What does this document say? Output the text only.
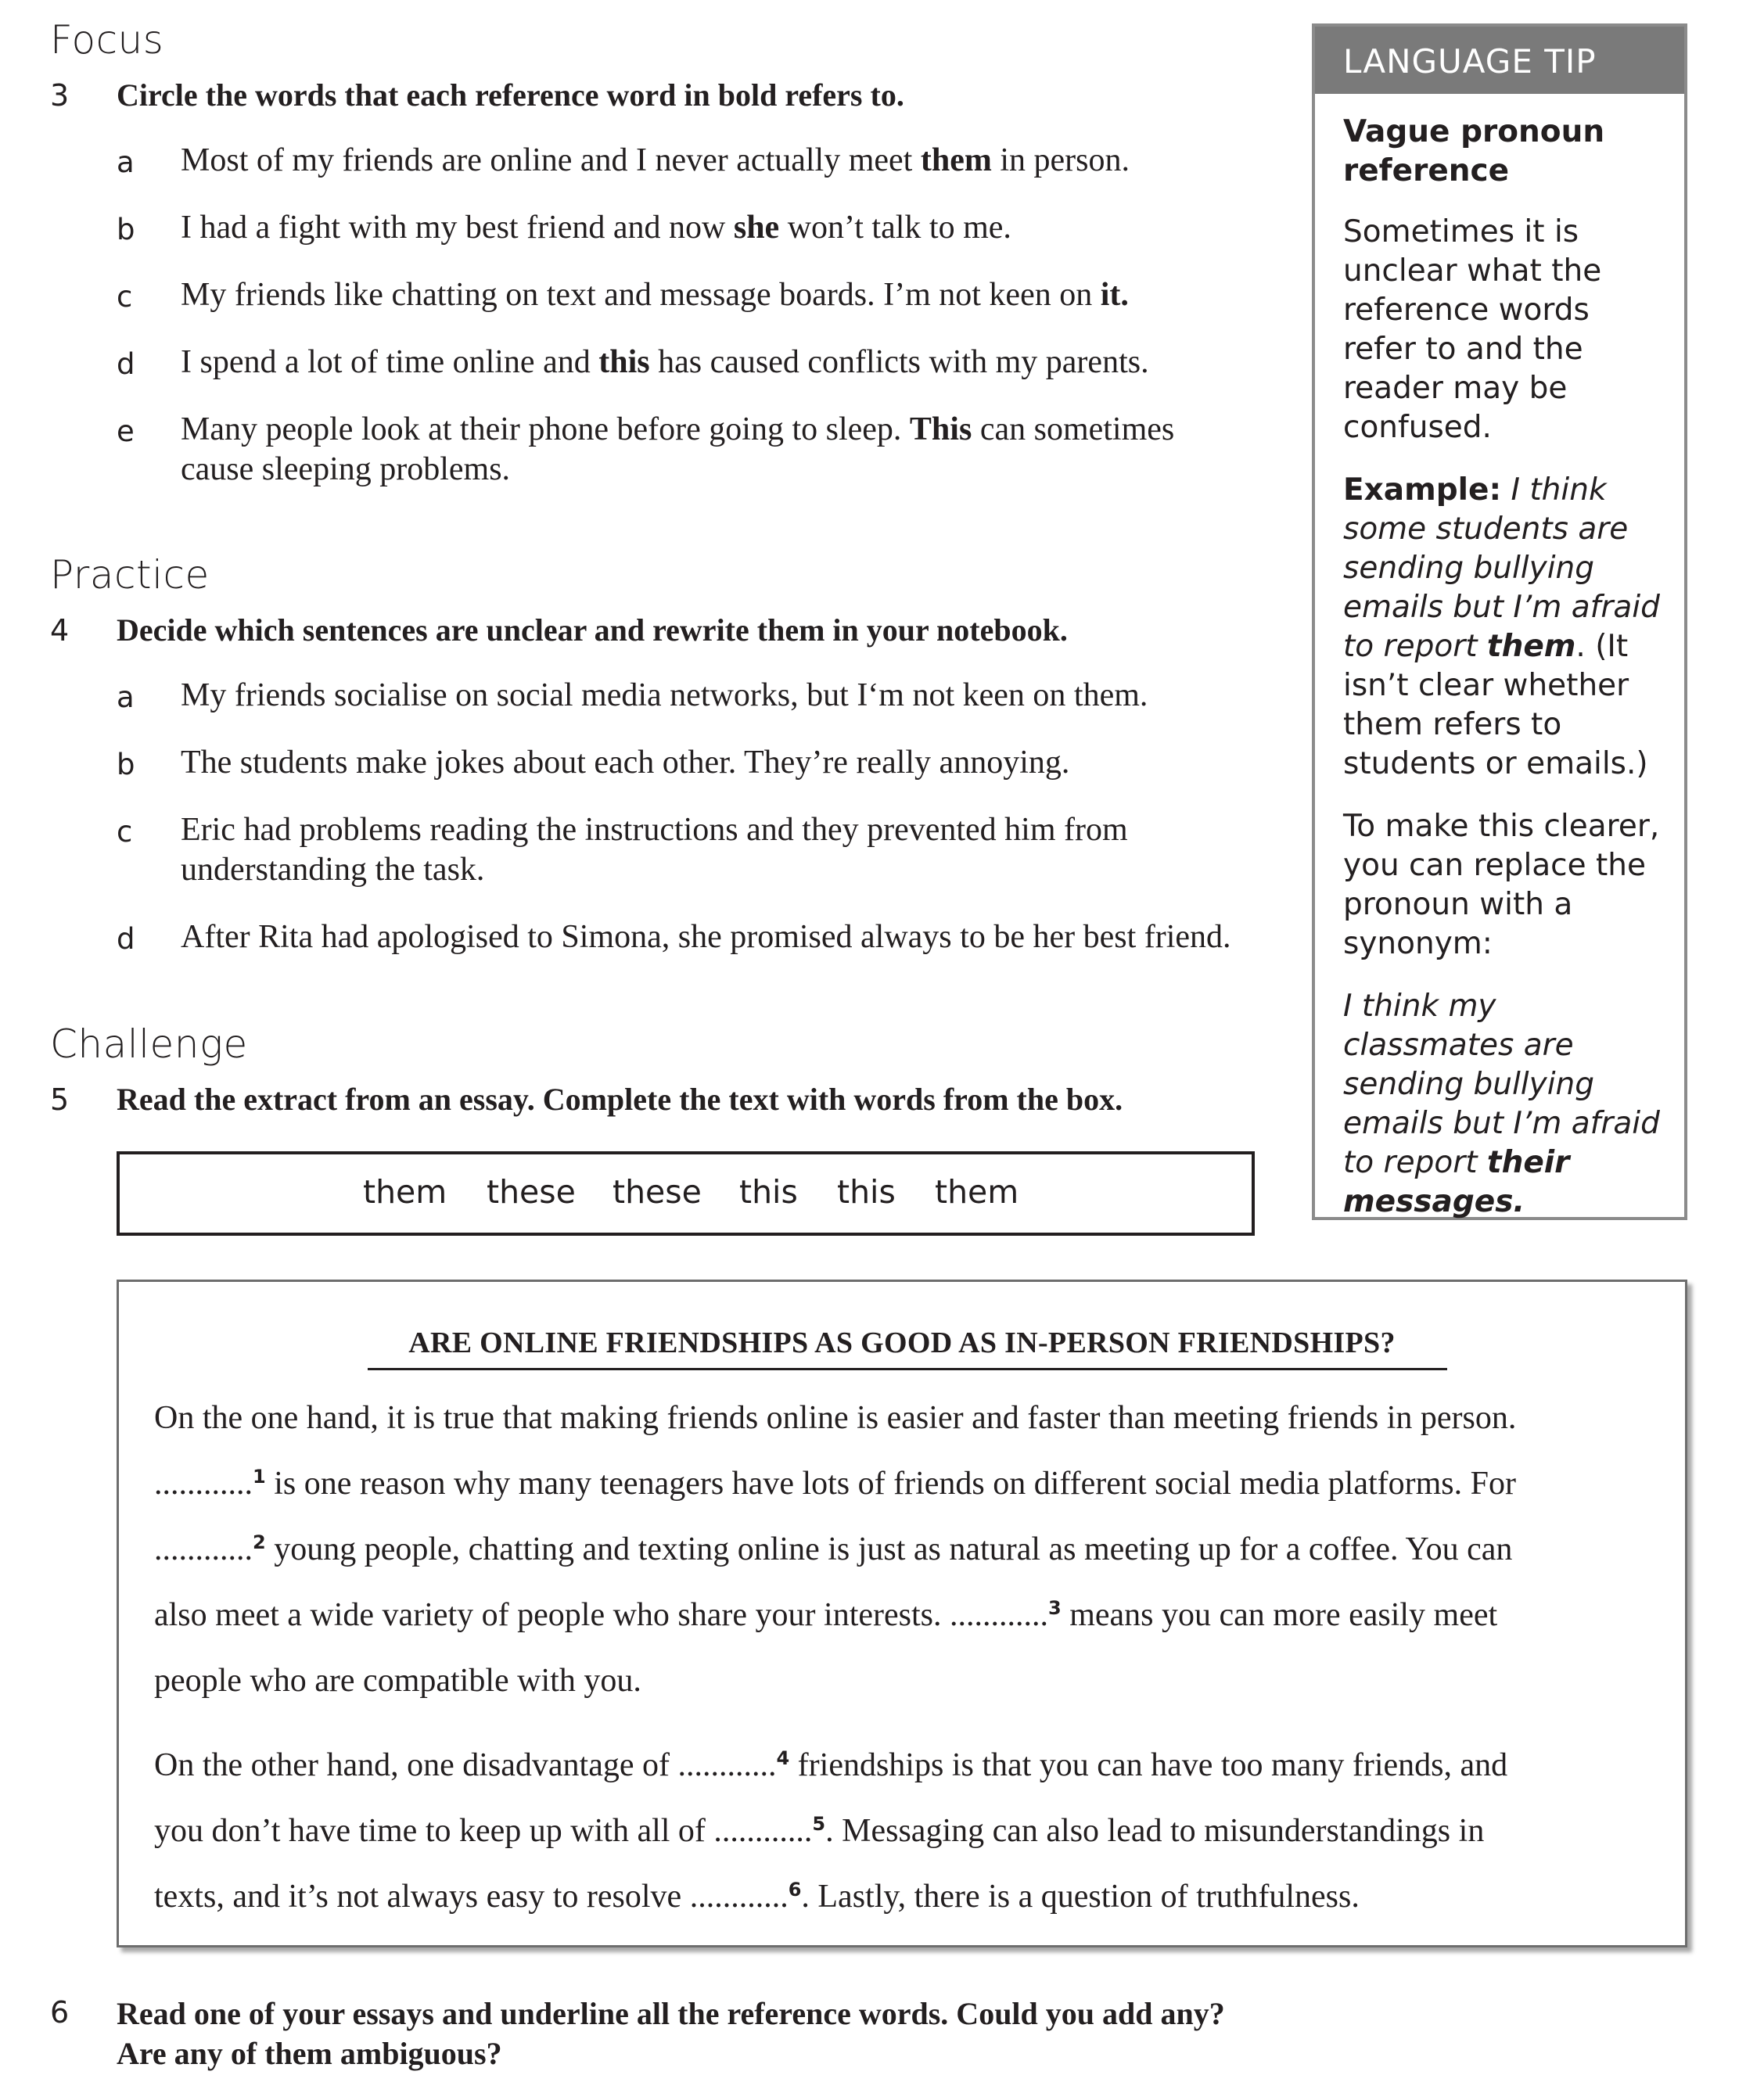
Focus
3 Circle the words that each reference word in bold refers to.
a Most of my friends are online and I never actually meet them in person.
b I had a fight with my best friend and now she won’t talk to me.
c My friends like chatting on text and message boards. I’m not keen on it.
d I spend a lot of time online and this has caused conflicts with my parents.
e Many people look at their phone before going to sleep. This can sometimes
cause sleeping problems.
Practice
4 Decide which sentences are unclear and rewrite them in your notebook.
a My friends socialise on social media networks, but I‘m not keen on them.
b The students make jokes about each other. They’re really annoying.
c Eric had problems reading the instructions and they prevented him from
understanding the task.
d After Rita had apologised to Simona, she promised always to be her best friend.
Challenge
5 Read the extract from an essay. Complete the text with words from the box.
them these these this this them
ARE ONLINE FRIENDSHIPS AS GOOD AS IN-PERSON FRIENDSHIPS?
On the one hand, it is true that making friends online is easier and faster than meeting friends in person.
............$^1$ is one reason why many teenagers have lots of friends on different social media platforms. For
............$^2$ young people, chatting and texting online is just as natural as meeting up for a coffee. You can
also meet a wide variety of people who share your interests. ............$^3$ means you can more easily meet
people who are compatible with you.
On the other hand, one disadvantage of ............$^4$ friendships is that you can have too many friends, and
you don’t have time to keep up with all of ............$^5$. Messaging can also lead to misunderstandings in
texts, and it’s not always easy to resolve ............$^6$. Lastly, there is a question of truthfulness.
6 Read one of your essays and underline all the reference words. Could you add any?
Are any of them ambiguous?
LANGUAGE TIP

Vague pronoun reference

Sometimes it is unclear what the reference words refer to and the reader may be confused.

Example: I think some students are sending bullying emails but I’m afraid to report them. (It isn’t clear whether them refers to students or emails.)

To make this clearer, you can replace the pronoun with a synonym:

I think my classmates are sending bullying emails but I’m afraid to report their messages.
